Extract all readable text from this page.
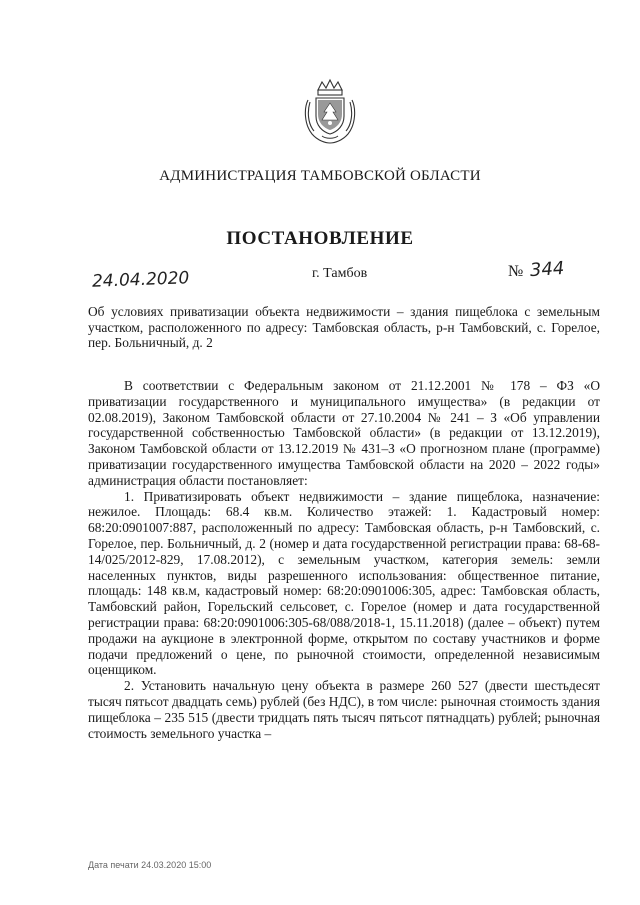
АДМИНИСТРАЦИЯ ТАМБОВСКОЙ ОБЛАСТИ
ПОСТАНОВЛЕНИЕ
24.04.2020	г. Тамбов	№ 344
Об условиях приватизации объекта недвижимости – здания пищеблока с земельным участком, расположенного по адресу: Тамбовская область, р-н Тамбовский, с. Горелое, пер. Больничный, д. 2

В соответствии с Федеральным законом от 21.12.2001 № 178 – ФЗ «О приватизации государственного и муниципального имущества» (в редакции от 02.08.2019), Законом Тамбовской области от 27.10.2004 № 241 – З «Об управлении государственной собственностью Тамбовской области» (в редакции от 13.12.2019), Законом Тамбовской области от 13.12.2019 № 431–З «О прогнозном плане (программе) приватизации государственного имущества Тамбовской области на 2020 – 2022 годы» администрация области постановляет:

1. Приватизировать объект недвижимости – здание пищеблока, назначение: нежилое. Площадь: 68.4 кв.м. Количество этажей: 1. Кадастровый номер: 68:20:0901007:887, расположенный по адресу: Тамбовская область, р-н Тамбовский, с. Горелое, пер. Больничный, д. 2 (номер и дата государственной регистрации права: 68-68-14/025/2012-829, 17.08.2012), с земельным участком, категория земель: земли населенных пунктов, виды разрешенного использования: общественное питание, площадь: 148 кв.м, кадастровый номер: 68:20:0901006:305, адрес: Тамбовская область, Тамбовский район, Горельский сельсовет, с. Горелое (номер и дата государственной регистрации права: 68:20:0901006:305-68/088/2018-1, 15.11.2018) (далее – объект) путем продажи на аукционе в электронной форме, открытом по составу участников и форме подачи предложений о цене, по рыночной стоимости, определенной независимым оценщиком.

2. Установить начальную цену объекта в размере 260 527 (двести шестьдесят тысяч пятьсот двадцать семь) рублей (без НДС), в том числе: рыночная стоимость здания пищеблока – 235 515 (двести тридцать пять тысяч пятьсот пятнадцать) рублей; рыночная стоимость земельного участка –

Дата печати 24.03.2020 15:00
